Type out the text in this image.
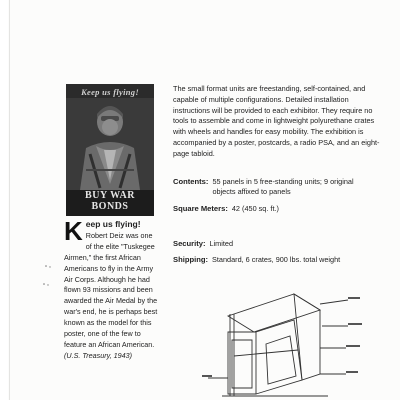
Keep us flying!
BUY WAR BONDS
K eep us flying! Robert Deiz was one of the elite "Tuskegee Airmen," the first African Americans to fly in the Army Air Corps. Although he had flown 93 missions and been awarded the Air Medal by the war's end, he is perhaps best known as the model for this poster, one of the few to feature an African American. (U.S. Treasury, 1943)
The small format units are freestanding, self-contained, and capable of multiple configurations. Detailed installation instructions will be provided to each exhibitor. They require no tools to assemble and come in lightweight polyurethane crates with wheels and handles for easy mobility. The exhibition is accompanied by a poster, postcards, a radio PSA, and an eight-page tabloid.
Contents: 55 panels in 5 free-standing units; 9 original objects affixed to panels
Square Meters: 42 (450 sq. ft.)
Security: Limited
Shipping: Standard, 6 crates, 900 lbs. total weight
